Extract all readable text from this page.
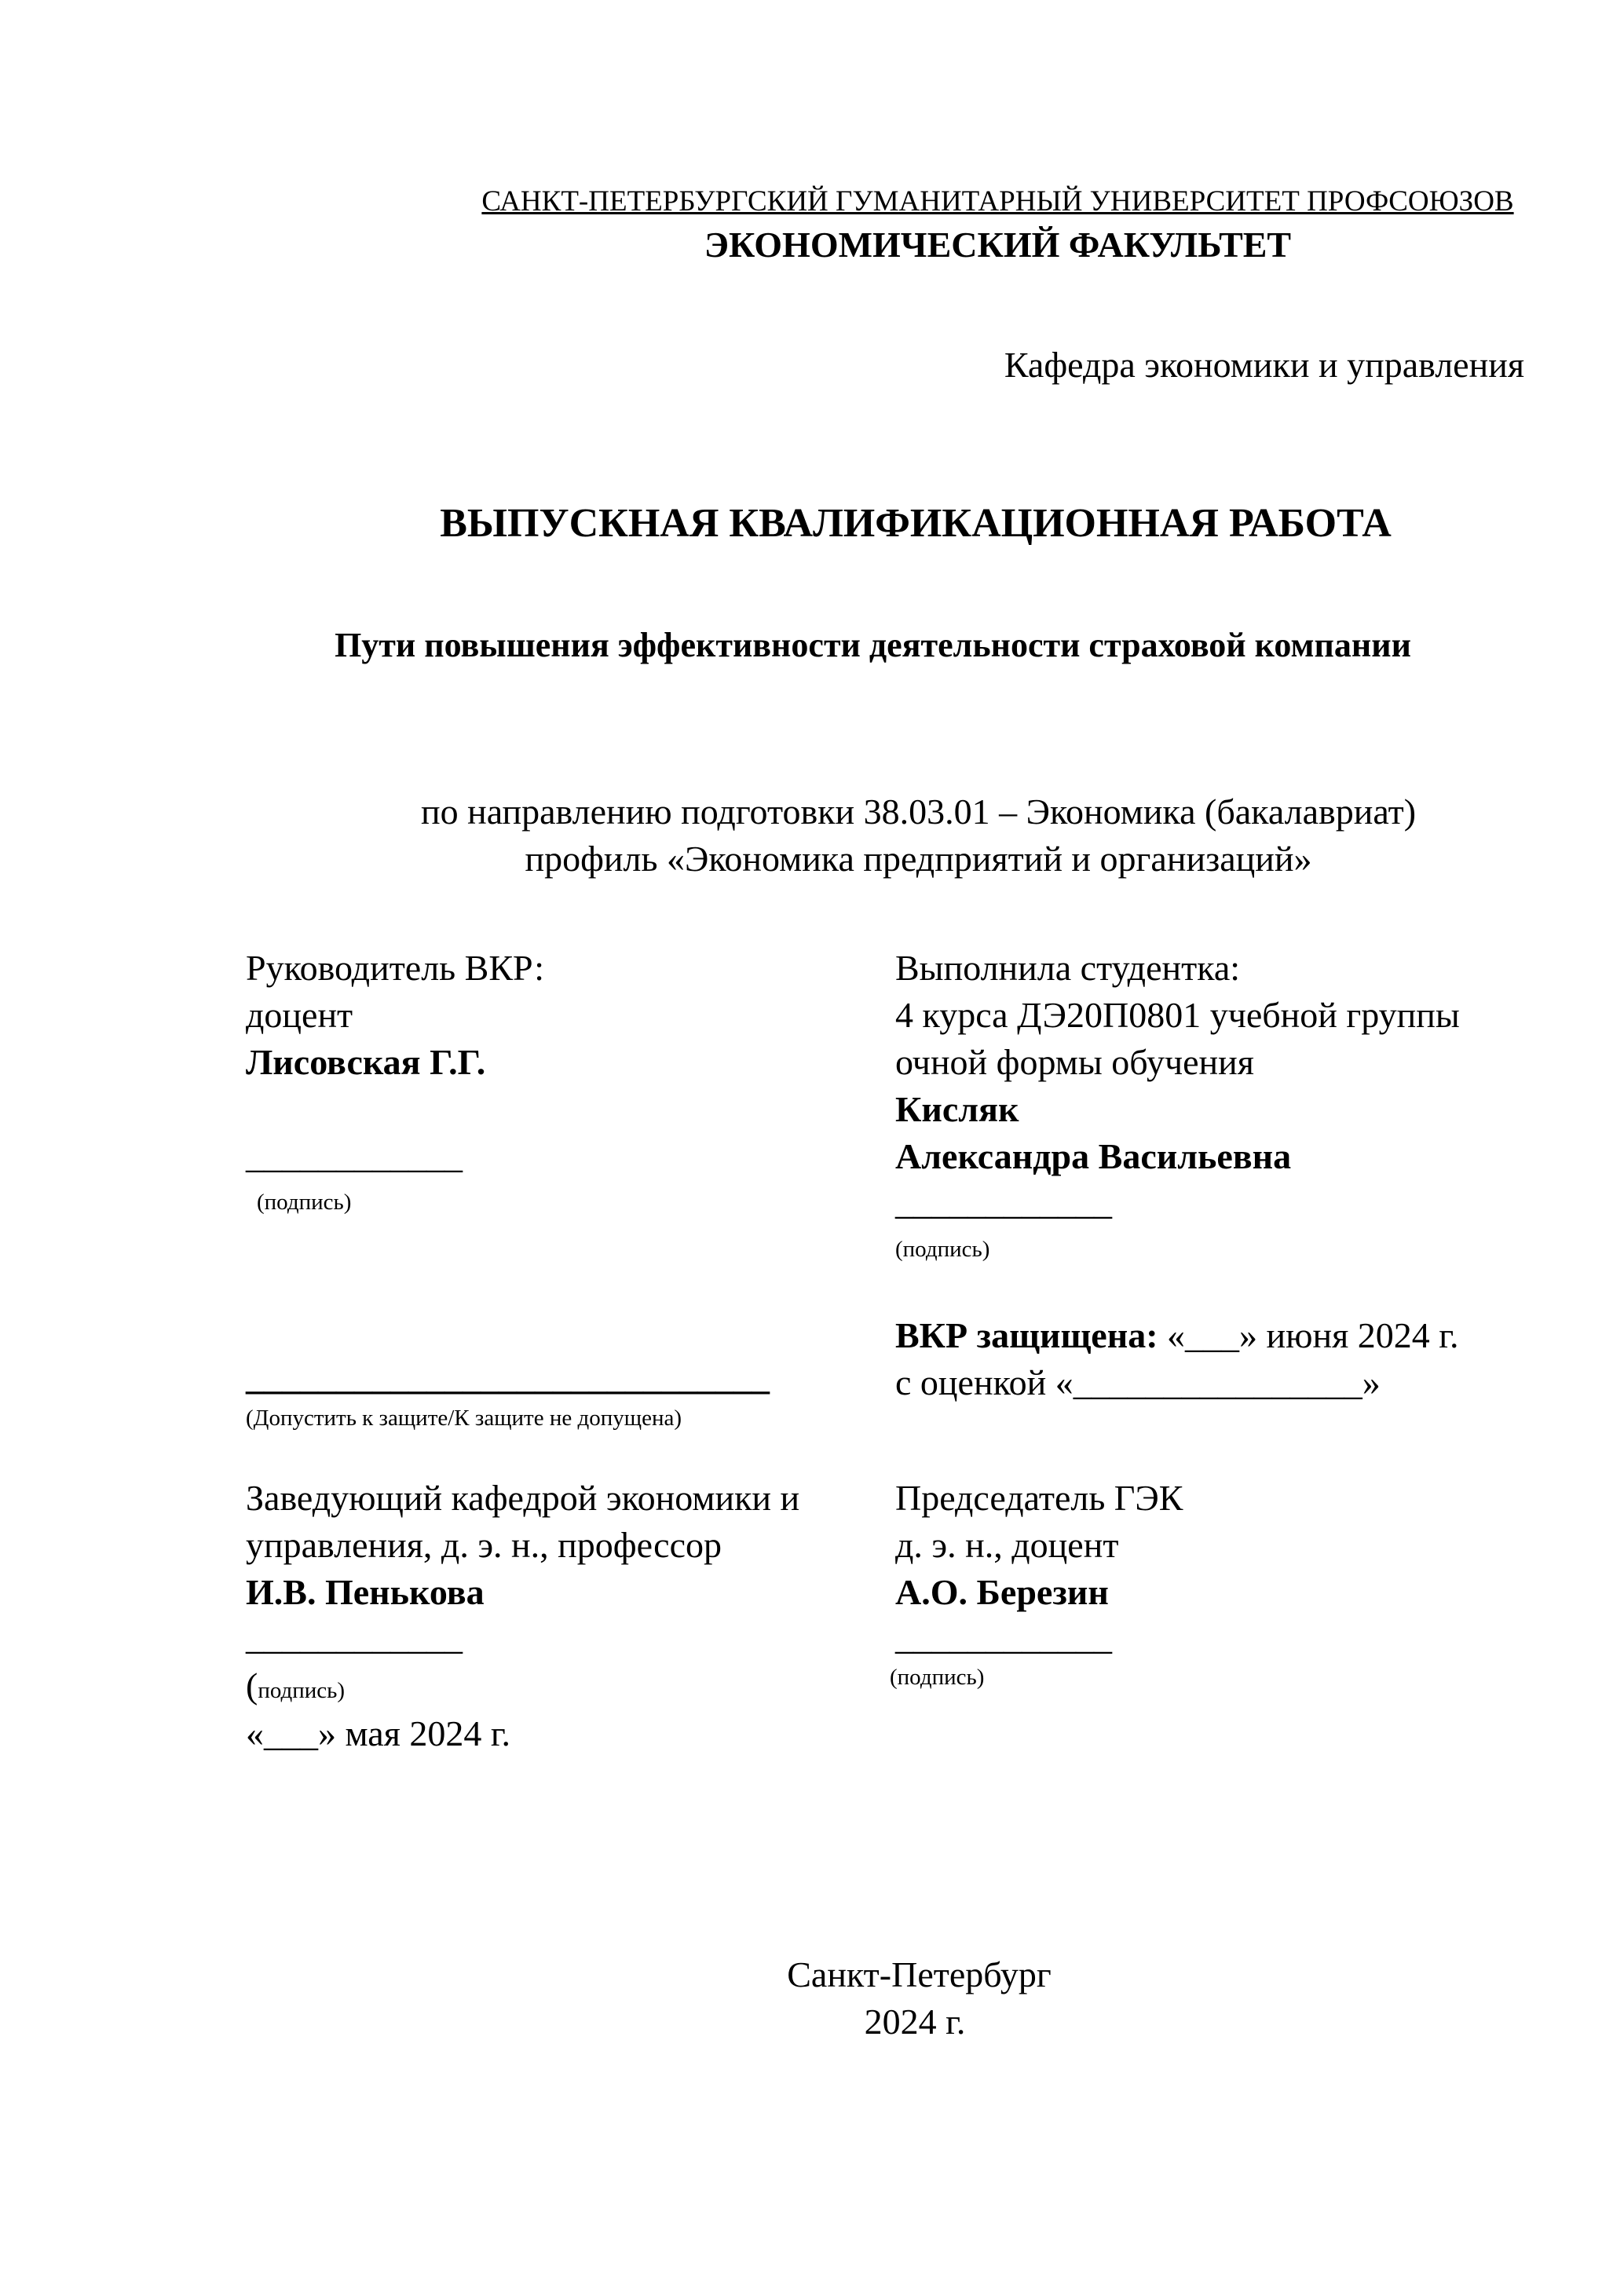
САНКТ-ПЕТЕРБУРГСКИЙ ГУМАНИТАРНЫЙ УНИВЕРСИТЕТ ПРОФСОЮЗОВ
ЭКОНОМИЧЕСКИЙ ФАКУЛЬТЕТ
Кафедра экономики и управления
ВЫПУСКНАЯ КВАЛИФИКАЦИОННАЯ РАБОТА
Пути повышения эффективности деятельности страховой компании
по направлению подготовки 38.03.01 – Экономика (бакалавриат)
профиль «Экономика предприятий и организаций»
Руководитель ВКР:
доцент
Лисовская Г.Г.
____________
(подпись)
Выполнила студентка:
4 курса ДЭ20П0801 учебной группы
очной формы обучения
Кисляк
Александра Васильевна
____________
(подпись)
_____________________________
(Допустить к защите/К защите не допущена)
ВКР защищена: «___» июня 2024 г.
с оценкой «________________»
Заведующий кафедрой экономики и
управления, д. э. н., профессор
И.В. Пенькова
____________
(подпись)
«___» мая 2024 г.
Председатель ГЭК
д. э. н., доцент
А.О. Березин
____________
(подпись)
Санкт-Петербург
2024 г.
